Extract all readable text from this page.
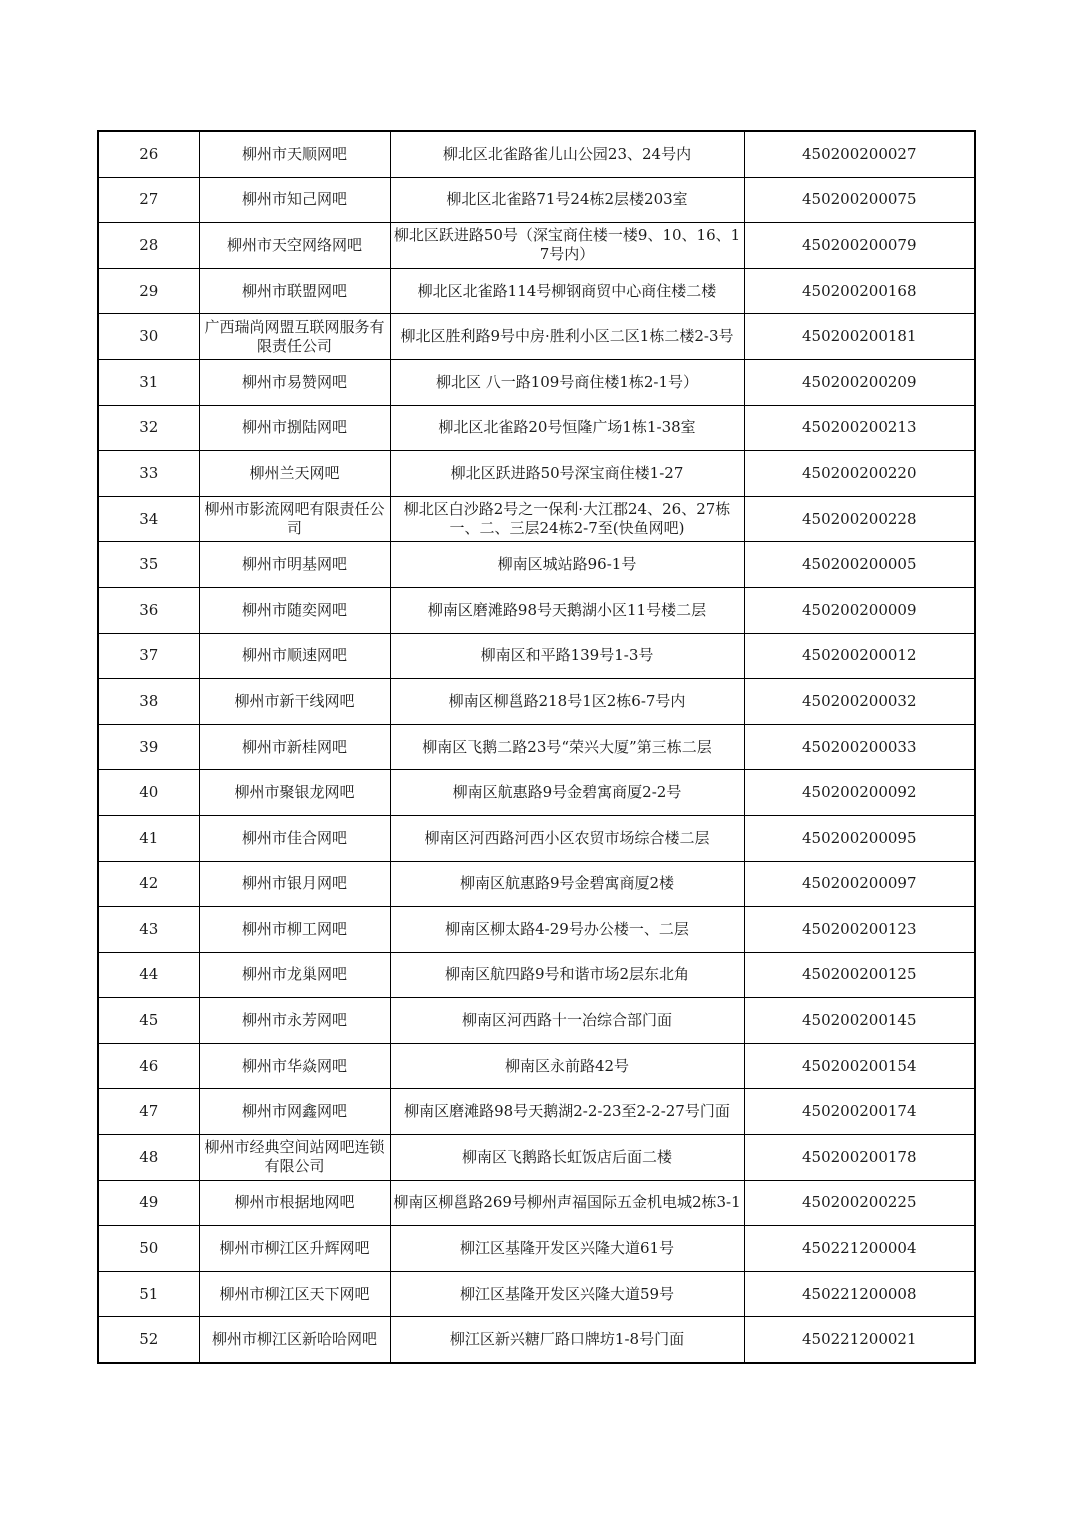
26	柳州市天顺网吧	柳北区北雀路雀儿山公园23、24号内	450200200027
27	柳州市知己网吧	柳北区北雀路71号24栋2层楼203室	450200200075
28	柳州市天空网络网吧	柳北区跃进路50号（深宝商住楼一楼9、10、16、17号内）	450200200079
29	柳州市联盟网吧	柳北区北雀路114号柳钢商贸中心商住楼二楼	450200200168
30	广西瑞尚网盟互联网服务有限责任公司	柳北区胜利路9号中房·胜利小区二区1栋二楼2-3号	450200200181
31	柳州市易赞网吧	柳北区 八一路109号商住楼1栋2-1号）	450200200209
32	柳州市捌陆网吧	柳北区北雀路20号恒隆广场1栋1-38室	450200200213
33	柳州兰天网吧	柳北区跃进路50号深宝商住楼1-27	450200200220
34	柳州市影流网吧有限责任公司	柳北区白沙路2号之一保利·大江郡24、26、27栋一、二、三层24栋2-7至(快鱼网吧)	450200200228
35	柳州市明基网吧	柳南区城站路96-1号	450200200005
36	柳州市随奕网吧	柳南区磨滩路98号天鹅湖小区11号楼二层	450200200009
37	柳州市顺速网吧	柳南区和平路139号1-3号	450200200012
38	柳州市新干线网吧	柳南区柳邕路218号1区2栋6-7号内	450200200032
39	柳州市新桂网吧	柳南区飞鹅二路23号“荣兴大厦”第三栋二层	450200200033
40	柳州市聚银龙网吧	柳南区航惠路9号金碧寓商厦2-2号	450200200092
41	柳州市佳合网吧	柳南区河西路河西小区农贸市场综合楼二层	450200200095
42	柳州市银月网吧	柳南区航惠路9号金碧寓商厦2楼	450200200097
43	柳州市柳工网吧	柳南区柳太路4-29号办公楼一、二层	450200200123
44	柳州市龙巢网吧	柳南区航四路9号和谐市场2层东北角	450200200125
45	柳州市永芳网吧	柳南区河西路十一冶综合部门面	450200200145
46	柳州市华焱网吧	柳南区永前路42号	450200200154
47	柳州市网鑫网吧	柳南区磨滩路98号天鹅湖2-2-23至2-2-27号门面	450200200174
48	柳州市经典空间站网吧连锁有限公司	柳南区飞鹅路长虹饭店后面二楼	450200200178
49	柳州市根据地网吧	柳南区柳邕路269号柳州声福国际五金机电城2栋3-1	450200200225
50	柳州市柳江区升辉网吧	柳江区基隆开发区兴隆大道61号	450221200004
51	柳州市柳江区天下网吧	柳江区基隆开发区兴隆大道59号	450221200008
52	柳州市柳江区新哈哈网吧	柳江区新兴糖厂路口牌坊1-8号门面	450221200021
